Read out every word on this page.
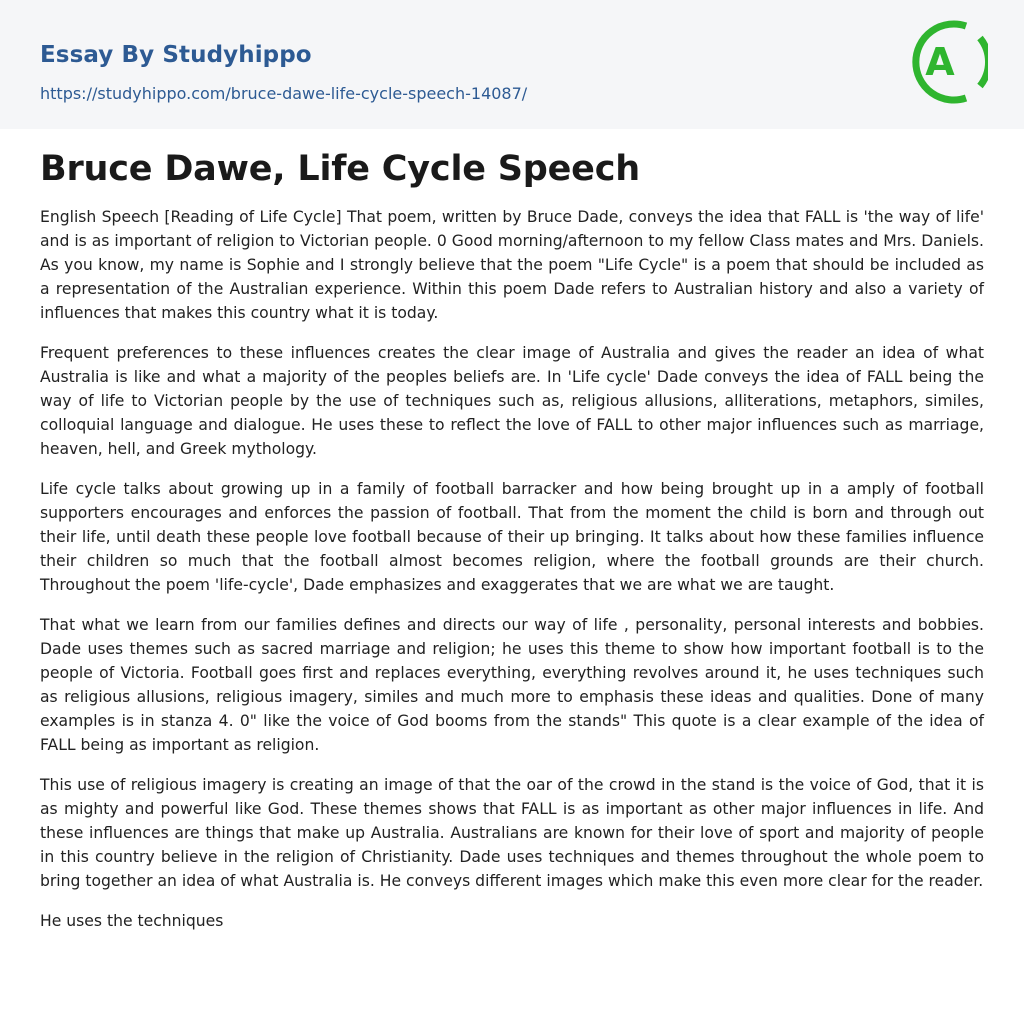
Essay By Studyhippo
https://studyhippo.com/bruce-dawe-life-cycle-speech-14087/
A
Bruce Dawe, Life Cycle Speech

English Speech [Reading of Life Cycle] That poem, written by Bruce Dade, conveys the idea that FALL is 'the way of life' and is as important of religion to Victorian people. 0 Good morning/afternoon to my fellow Class mates and Mrs. Daniels. As you know, my name is Sophie and I strongly believe that the poem "Life Cycle" is a poem that should be included as a representation of the Australian experience. Within this poem Dade refers to Australian history and also a variety of influences that makes this country what it is today.

Frequent preferences to these influences creates the clear image of Australia and gives the reader an idea of what Australia is like and what a majority of the peoples beliefs are. In 'Life cycle' Dade conveys the idea of FALL being the way of life to Victorian people by the use of techniques such as, religious allusions, alliterations, metaphors, similes, colloquial language and dialogue. He uses these to reflect the love of FALL to other major influences such as marriage, heaven, hell, and Greek mythology.

Life cycle talks about growing up in a family of football barracker and how being brought up in a amply of football supporters encourages and enforces the passion of football. That from the moment the child is born and through out their life, until death these people love football because of their up bringing. It talks about how these families influence their children so much that the football almost becomes religion, where the football grounds are their church. Throughout the poem 'life-cycle', Dade emphasizes and exaggerates that we are what we are taught.

That what we learn from our families defines and directs our way of life , personality, personal interests and bobbies. Dade uses themes such as sacred marriage and religion; he uses this theme to show how important football is to the people of Victoria. Football goes first and replaces everything, everything revolves around it, he uses techniques such as religious allusions, religious imagery, similes and much more to emphasis these ideas and qualities. Done of many examples is in stanza 4. 0" like the voice of God booms from the stands" This quote is a clear example of the idea of FALL being as important as religion.

This use of religious imagery is creating an image of that the oar of the crowd in the stand is the voice of God, that it is as mighty and powerful like God. These themes shows that FALL is as important as other major influences in life. And these influences are things that make up Australia. Australians are known for their love of sport and majority of people in this country believe in the religion of Christianity. Dade uses techniques and themes throughout the whole poem to bring together an idea of what Australia is. He conveys different images which make this even more clear for the reader.

He uses the techniques
